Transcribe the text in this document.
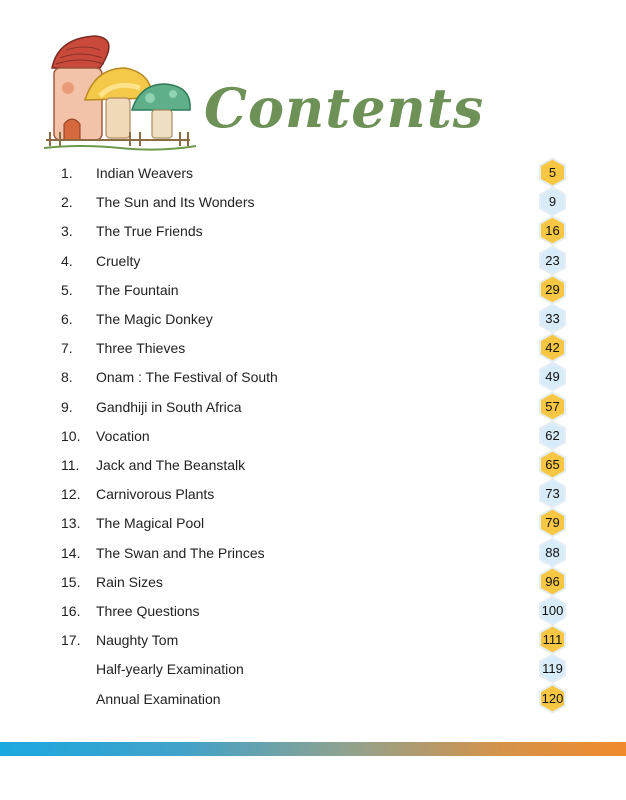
Contents
1. Indian Weavers	5
2. The Sun and Its Wonders	9
3. The True Friends	16
4. Cruelty	23
5. The Fountain	29
6. The Magic Donkey	33
7. Three Thieves	42
8. Onam : The Festival of South	49
9. Gandhiji in South Africa	57
10. Vocation	62
11. Jack and The Beanstalk	65
12. Carnivorous Plants	73
13. The Magical Pool	79
14. The Swan and The Princes	88
15. Rain Sizes	96
16. Three Questions	100
17. Naughty Tom	111
Half-yearly Examination	119
Annual Examination	120
